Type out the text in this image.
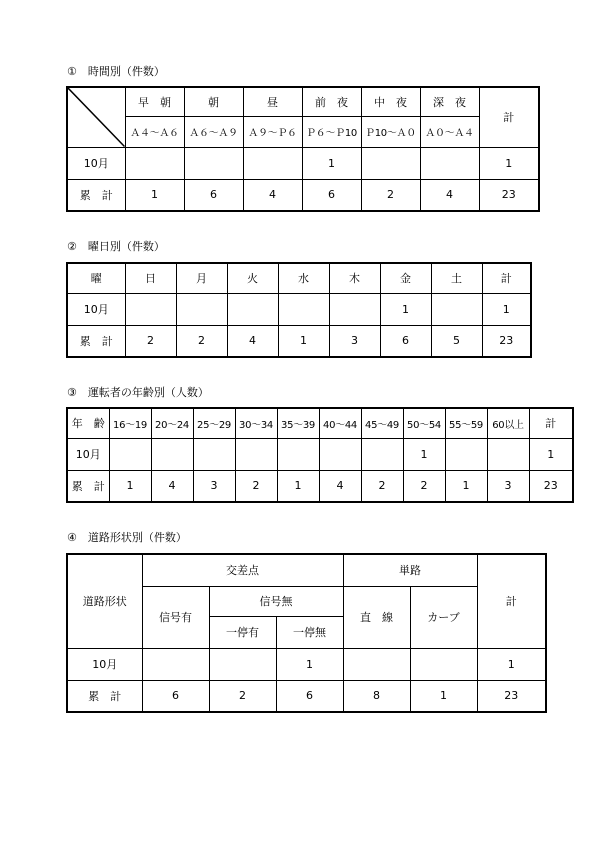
①　時間別（件数）
	早　朝	朝	昼	前　夜	中　夜	深　夜	計
	Ａ４～Ａ６	Ａ６～Ａ９	Ａ９～Ｐ６	Ｐ６～Ｐ10	Ｐ10～Ａ０	Ａ０～Ａ４	
10月				1			1
累　計	1	6	4	6	2	4	23
②　曜日別（件数）
曜	日	月	火	水	木	金	土	計
10月						1		1
累　計	2	2	4	1	3	6	5	23
③　運転者の年齢別（人数）
年　齢	16～19	20～24	25～29	30～34	35～39	40～44	45～49	50～54	55～59	60以上	計
10月								1			1
累　計	1	4	3	2	1	4	2	2	1	3	23
④　道路形状別（件数）
道路形状	交差点			単路		計
	信号有	信号無		直　線	カーブ	
		一停有	一停無			
10月			1			1
累　計	6	2	6	8	1	23
